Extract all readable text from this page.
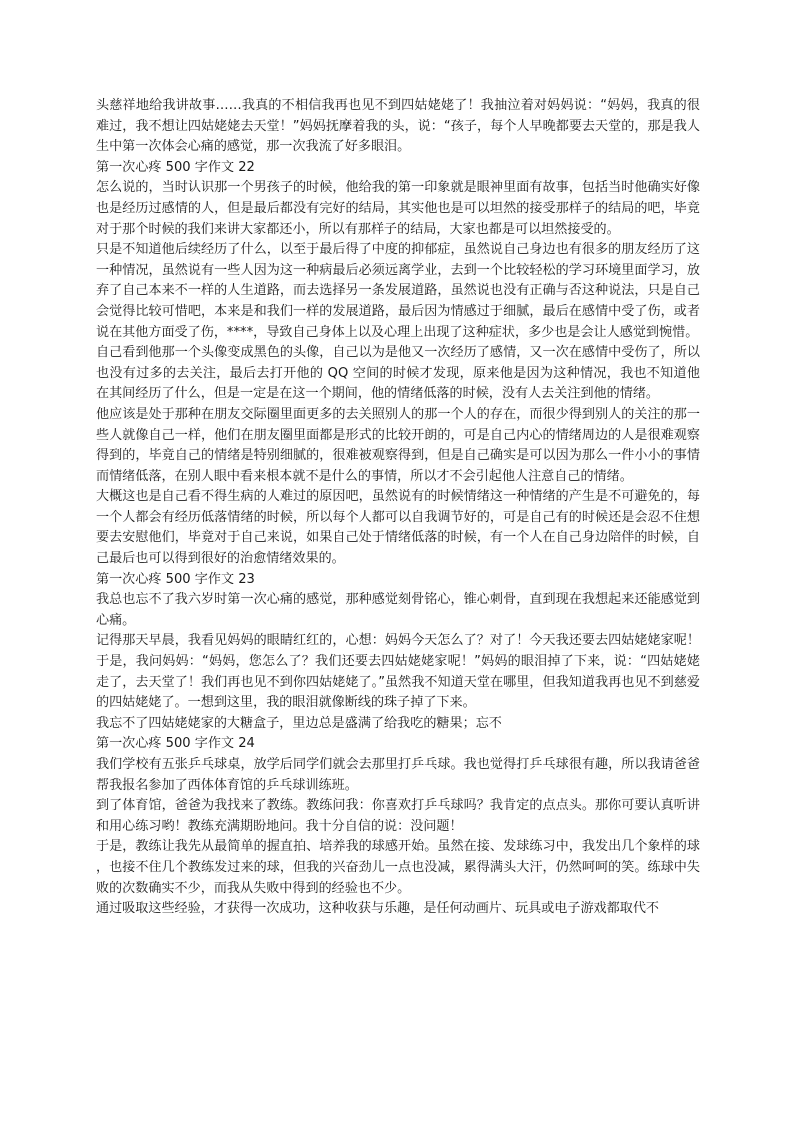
头慈祥地给我讲故事……我真的不相信我再也见不到四姑姥姥了！我抽泣着对妈妈说：“妈妈，我真的很难过，我不想让四姑姥姥去天堂！”妈妈抚摩着我的头，说：“孩子，每个人早晚都要去天堂的，那是我人生中第一次体会心痛的感觉，那一次我流了好多眼泪。

第一次心疼 500 字作文 22

怎么说的，当时认识那一个男孩子的时候，他给我的第一印象就是眼神里面有故事，包括当时他确实好像也是经历过感情的人，但是最后都没有完好的结局，其实他也是可以坦然的接受那样子的结局的吧，毕竟对于那个时候的我们来讲大家都还小，所以有那样子的结局，大家也都是可以坦然接受的。

只是不知道他后续经历了什么，以至于最后得了中度的抑郁症，虽然说自己身边也有很多的朋友经历了这一种情况，虽然说有一些人因为这一种病最后必须远离学业，去到一个比较轻松的学习环境里面学习，放弃了自己本来不一样的人生道路，而去选择另一条发展道路，虽然说也没有正确与否这种说法，只是自己会觉得比较可惜吧，本来是和我们一样的发展道路，最后因为情感过于细腻，最后在感情中受了伤，或者说在其他方面受了伤，****，导致自己身体上以及心理上出现了这种症状，多少也是会让人感觉到惋惜。

自己看到他那一个头像变成黑色的头像，自己以为是他又一次经历了感情，又一次在感情中受伤了，所以也没有过多的去关注，最后去打开他的 QQ 空间的时候才发现，原来他是因为这种情况，我也不知道他在其间经历了什么，但是一定是在这一个期间，他的情绪低落的时候，没有人去关注到他的情绪。

他应该是处于那种在朋友交际圈里面更多的去关照别人的那一个人的存在，而很少得到别人的关注的那一些人就像自己一样，他们在朋友圈里面都是形式的比较开朗的，可是自己内心的情绪周边的人是很难观察得到的，毕竟自己的情绪是特别细腻的，很难被观察得到，但是自己确实是可以因为那么一件小小的事情而情绪低落，在别人眼中看来根本就不是什么的事情，所以才不会引起他人注意自己的情绪。

大概这也是自己看不得生病的人难过的原因吧，虽然说有的时候情绪这一种情绪的产生是不可避免的，每一个人都会有经历低落情绪的时候，所以每个人都可以自我调节好的，可是自己有的时候还是会忍不住想要去安慰他们，毕竟对于自己来说，如果自己处于情绪低落的时候，有一个人在自己身边陪伴的时候，自己最后也可以得到很好的治愈情绪效果的。

第一次心疼 500 字作文 23

我总也忘不了我六岁时第一次心痛的感觉，那种感觉刻骨铭心，锥心刺骨，直到现在我想起来还能感觉到心痛。

记得那天早晨，我看见妈妈的眼睛红红的，心想：妈妈今天怎么了？对了！今天我还要去四姑姥姥家呢！于是，我问妈妈：“妈妈，您怎么了？我们还要去四姑姥姥家呢！”妈妈的眼泪掉了下来，说：“四姑姥姥走了，去天堂了！我们再也见不到你四姑姥姥了。”虽然我不知道天堂在哪里，但我知道我再也见不到慈爱的四姑姥姥了。一想到这里，我的眼泪就像断线的珠子掉了下来。

我忘不了四姑姥姥家的大糖盒子，里边总是盛满了给我吃的糖果；忘不

第一次心疼 500 字作文 24

我们学校有五张乒乓球桌，放学后同学们就会去那里打乒乓球。我也觉得打乒乓球很有趣，所以我请爸爸帮我报名参加了西体体育馆的乒乓球训练班。

到了体育馆，爸爸为我找来了教练。教练问我：你喜欢打乒乓球吗？我肯定的点点头。那你可要认真听讲和用心练习哟！教练充满期盼地问。我十分自信的说：没问题！

于是，教练让我先从最简单的握直拍、培养我的球感开始。虽然在接、发球练习中，我发出几个象样的球，也接不住几个教练发过来的球，但我的兴奋劲儿一点也没减，累得满头大汗，仍然呵呵的笑。练球中失败的次数确实不少，而我从失败中得到的经验也不少。

通过吸取这些经验，才获得一次成功，这种收获与乐趣，是任何动画片、玩具或电子游戏都取代不
